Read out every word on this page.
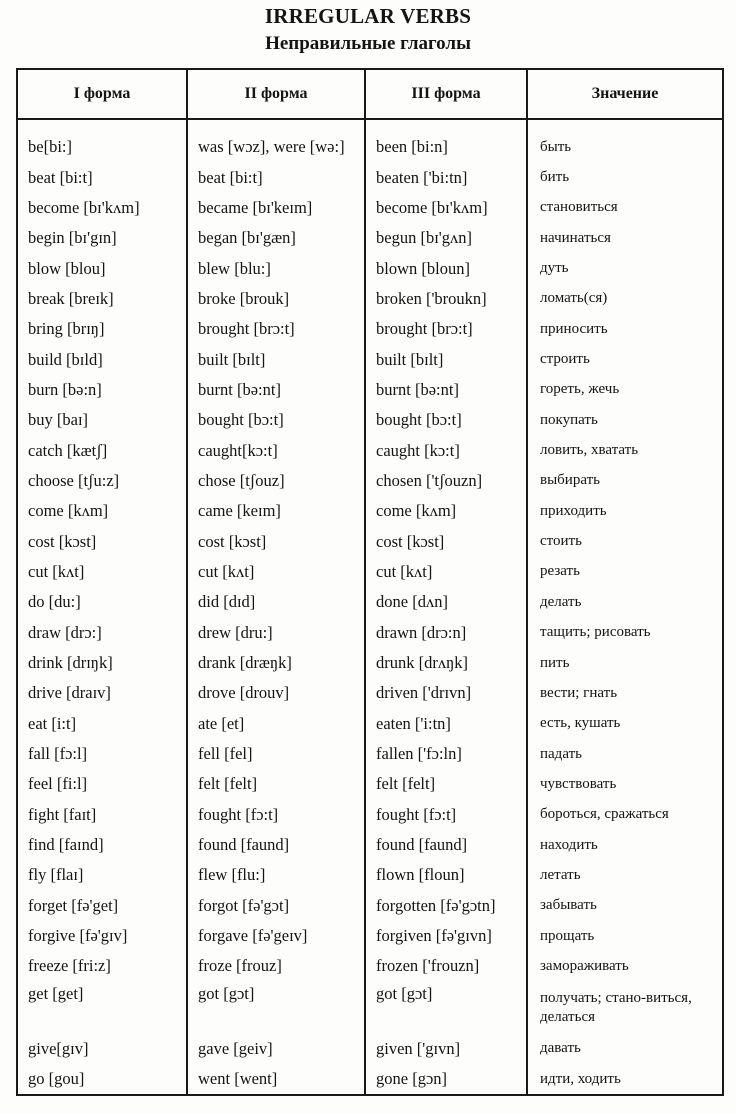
IRREGULAR VERBS
Неправильные глаголы
I форма	II форма	III форма	Значение
be[bi:]	was [wɔz], were [wə:]	been [bi:n]	быть
beat [bi:t]	beat [bi:t]	beaten ['bi:tn]	бить
become [bɪ'kʌm]	became [bɪ'keɪm]	become [bɪ'kʌm]	становиться
begin [bɪ'gɪn]	began [bɪ'gæn]	begun [bɪ'gʌn]	начинаться
blow [blou]	blew [blu:]	blown [bloun]	дуть
break [breɪk]	broke [brouk]	broken ['broukn]	ломать(ся)
bring [brɪŋ]	brought [brɔ:t]	brought [brɔ:t]	приносить
build [bɪld]	built [bɪlt]	built [bɪlt]	строить
burn [bə:n]	burnt [bə:nt]	burnt [bə:nt]	гореть, жечь
buy [baɪ]	bought [bɔ:t]	bought [bɔ:t]	покупать
catch [kætʃ]	caught[kɔ:t]	caught [kɔ:t]	ловить, хватать
choose [tʃu:z]	chose [tʃouz]	chosen ['tʃouzn]	выбирать
come [kʌm]	came [keɪm]	come [kʌm]	приходить
cost [kɔst]	cost [kɔst]	cost [kɔst]	стоить
cut [kʌt]	cut [kʌt]	cut [kʌt]	резать
do [du:]	did [dɪd]	done [dʌn]	делать
draw [drɔ:]	drew [dru:]	drawn [drɔ:n]	тащить; рисовать
drink [drɪŋk]	drank [dræŋk]	drunk [drʌŋk]	пить
drive [draɪv]	drove [drouv]	driven ['drɪvn]	вести; гнать
eat [i:t]	ate [et]	eaten ['i:tn]	есть, кушать
fall [fɔ:l]	fell [fel]	fallen ['fɔ:ln]	падать
feel [fi:l]	felt [felt]	felt [felt]	чувствовать
fight [faɪt]	fought [fɔ:t]	fought [fɔ:t]	бороться, сражаться
find [faɪnd]	found [faund]	found [faund]	находить
fly [flaɪ]	flew [flu:]	flown [floun]	летать
forget [fə'get]	forgot [fə'gɔt]	forgotten [fə'gɔtn]	забывать
forgive [fə'gɪv]	forgave [fə'geɪv]	forgiven [fə'gɪvn]	прощать
freeze [fri:z]	froze [frouz]	frozen ['frouzn]	замораживать
get [get]	got [gɔt]	got [gɔt]	получать; стано-виться, делаться
give[gɪv]	gave [geiv]	given ['gɪvn]	давать
go [gou]	went [went]	gone [gɔn]	идти, ходить
